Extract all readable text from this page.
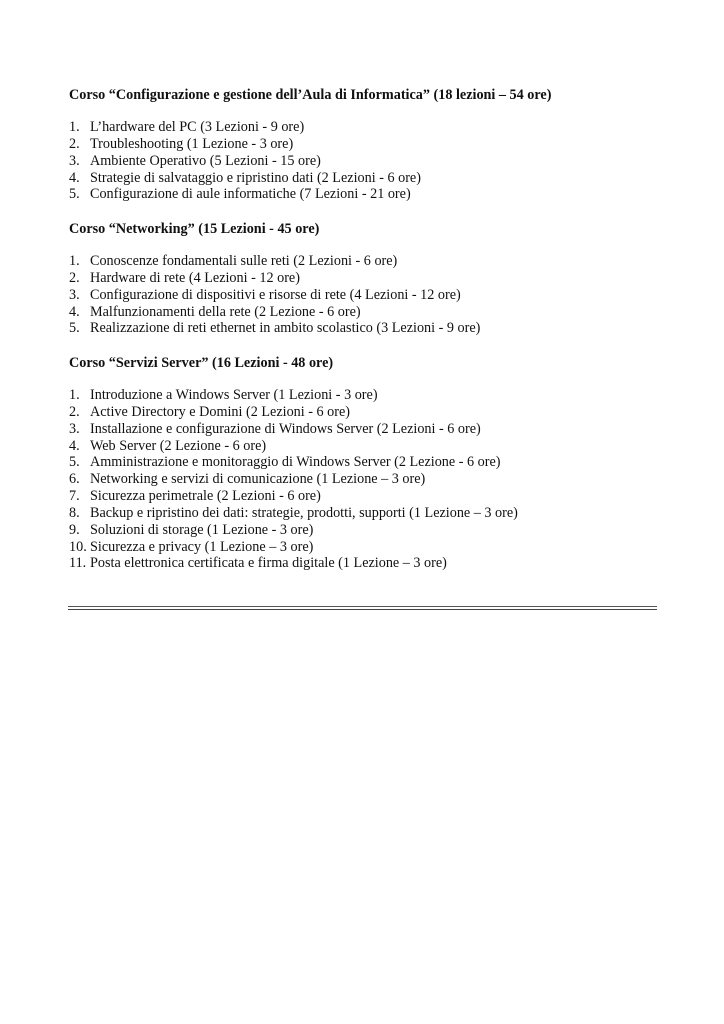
Corso “Configurazione e gestione dell’Aula di Informatica” (18 lezioni – 54 ore)
1. L’hardware del PC (3 Lezioni - 9 ore)
2. Troubleshooting (1 Lezione - 3 ore)
3. Ambiente Operativo (5 Lezioni - 15 ore)
4. Strategie di salvataggio e ripristino dati (2 Lezioni - 6 ore)
5. Configurazione di aule informatiche (7 Lezioni - 21 ore)
Corso “Networking” (15 Lezioni - 45 ore)
1. Conoscenze fondamentali sulle reti (2 Lezioni - 6 ore)
2. Hardware di rete (4 Lezioni - 12 ore)
3. Configurazione di dispositivi e risorse di rete (4 Lezioni - 12 ore)
4. Malfunzionamenti della rete (2 Lezione - 6 ore)
5. Realizzazione di reti ethernet in ambito scolastico (3 Lezioni - 9 ore)
Corso “Servizi Server” (16 Lezioni - 48 ore)
1. Introduzione a Windows Server (1 Lezioni - 3 ore)
2. Active Directory e Domini (2 Lezioni - 6 ore)
3. Installazione e configurazione di Windows Server (2 Lezioni - 6 ore)
4. Web Server (2 Lezione - 6 ore)
5. Amministrazione e monitoraggio di Windows Server (2 Lezione - 6 ore)
6. Networking e servizi di comunicazione (1 Lezione – 3 ore)
7. Sicurezza perimetrale (2 Lezioni - 6 ore)
8. Backup e ripristino dei dati: strategie, prodotti, supporti (1 Lezione – 3 ore)
9. Soluzioni di storage (1 Lezione - 3 ore)
10. Sicurezza e privacy (1 Lezione – 3 ore)
11. Posta elettronica certificata e firma digitale (1 Lezione – 3 ore)
